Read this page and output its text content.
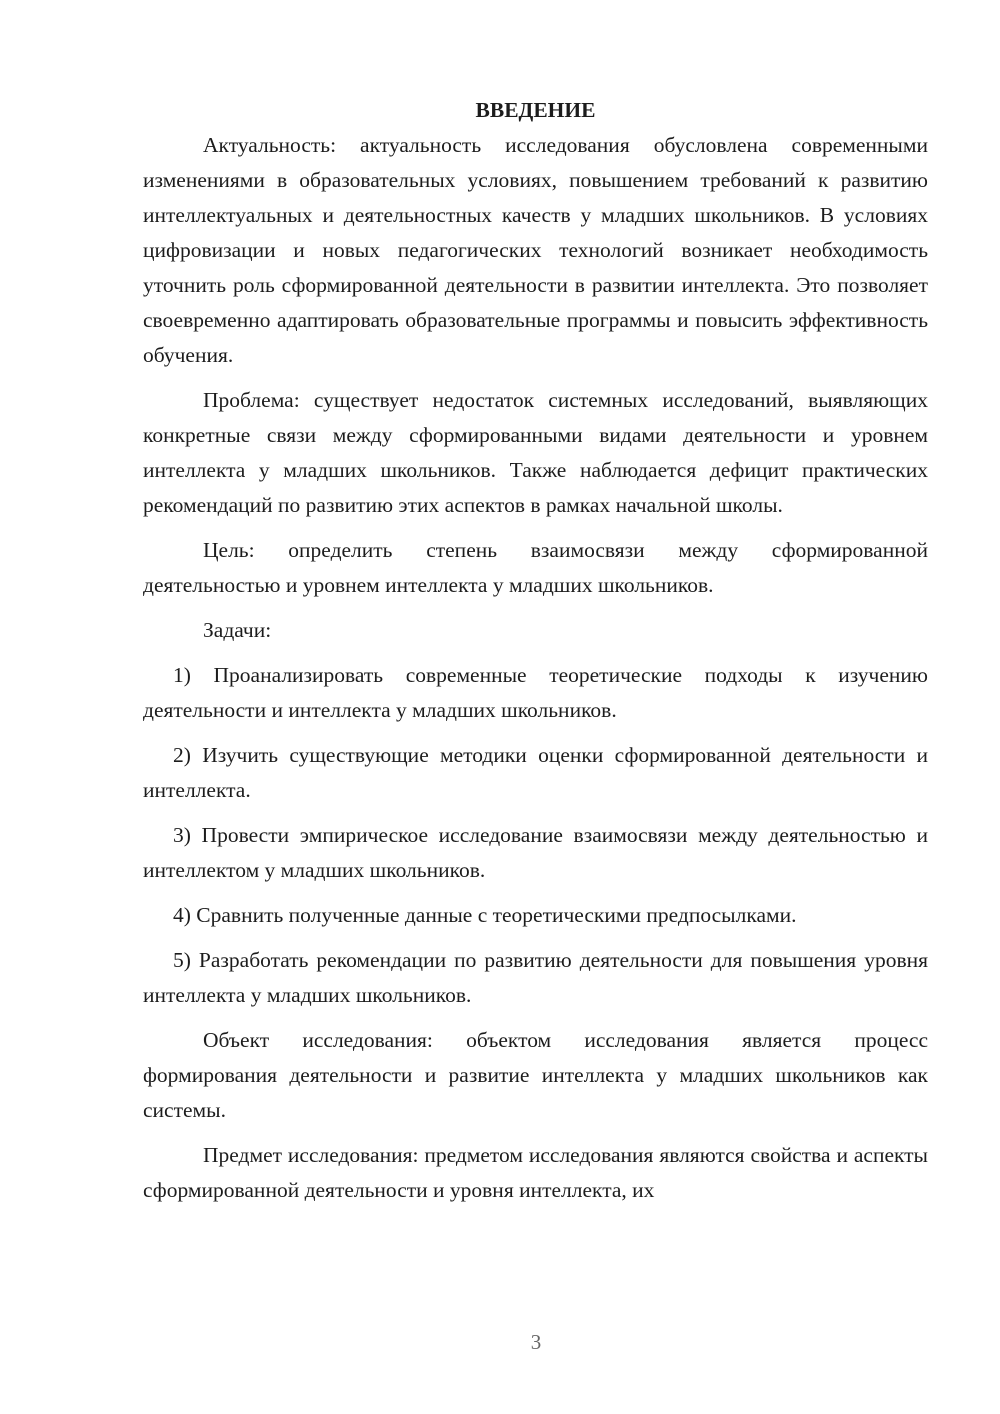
ВВЕДЕНИЕ

Актуальность: актуальность исследования обусловлена современными изменениями в образовательных условиях, повышением требований к развитию интеллектуальных и деятельностных качеств у младших школьников. В условиях цифровизации и новых педагогических технологий возникает необходимость уточнить роль сформированной деятельности в развитии интеллекта. Это позволяет своевременно адаптировать образовательные программы и повысить эффективность обучения.

Проблема: существует недостаток системных исследований, выявляющих конкретные связи между сформированными видами деятельности и уровнем интеллекта у младших школьников. Также наблюдается дефицит практических рекомендаций по развитию этих аспектов в рамках начальной школы.

Цель: определить степень взаимосвязи между сформированной деятельностью и уровнем интеллекта у младших школьников.

Задачи:

1) Проанализировать современные теоретические подходы к изучению деятельности и интеллекта у младших школьников.

2) Изучить существующие методики оценки сформированной деятельности и интеллекта.

3) Провести эмпирическое исследование взаимосвязи между деятельностью и интеллектом у младших школьников.

4) Сравнить полученные данные с теоретическими предпосылками.

5) Разработать рекомендации по развитию деятельности для повышения уровня интеллекта у младших школьников.

Объект исследования: объектом исследования является процесс формирования деятельности и развитие интеллекта у младших школьников как системы.

Предмет исследования: предметом исследования являются свойства и аспекты сформированной деятельности и уровня интеллекта, их

3
